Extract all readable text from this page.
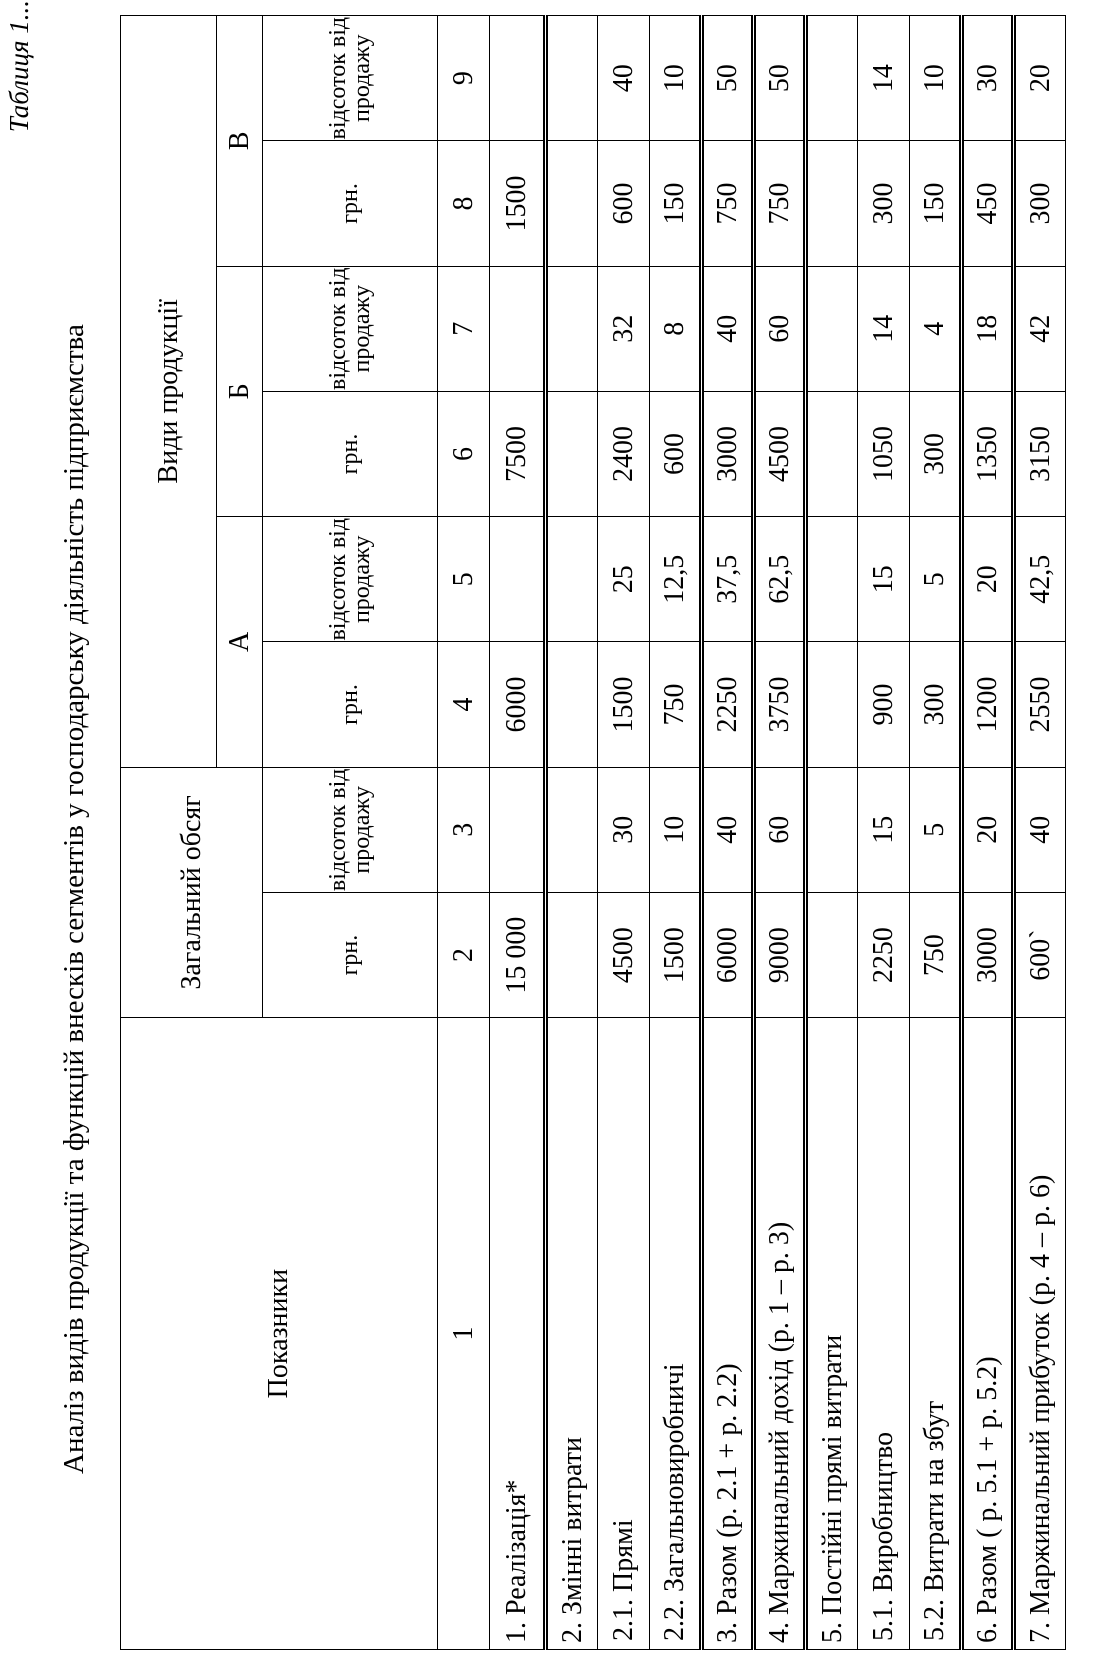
Таблиця 1...
Аналіз видів продукції та функцій внесків сегментів у господарську діяльність підприємства	Показники	Загальний обсяг		Види продукції					
			А		Б		В	
	грн.	відсоток від продажу	грн.	відсоток від продажу	грн.	відсоток від продажу	грн.	відсоток від продажу
1	2	3	4	5	6	7	8	9
1. Реалізація*	15 000		6000		7500		1500	
2. Змінні витрати								
2.1. Прямі	4500	30	1500	25	2400	32	600	40
2.2. Загальновиробничі	1500	10	750	12,5	600	8	150	10
3. Разом (р. 2.1 + р. 2.2)	6000	40	2250	37,5	3000	40	750	50
4. Маржинальний дохід (р. 1 – р. 3)	9000	60	3750	62,5	4500	60	750	50
5. Постійні прямі витрати								
5.1. Виробництво	2250	15	900	15	1050	14	300	14
5.2. Витрати на збут	750	5	300	5	300	4	150	10
6. Разом ( р. 5.1 + р. 5.2)	3000	20	1200	20	1350	18	450	30
7. Маржинальний прибуток (р. 4 – р. 6)	600`	40	2550	42,5	3150	42	300	20
